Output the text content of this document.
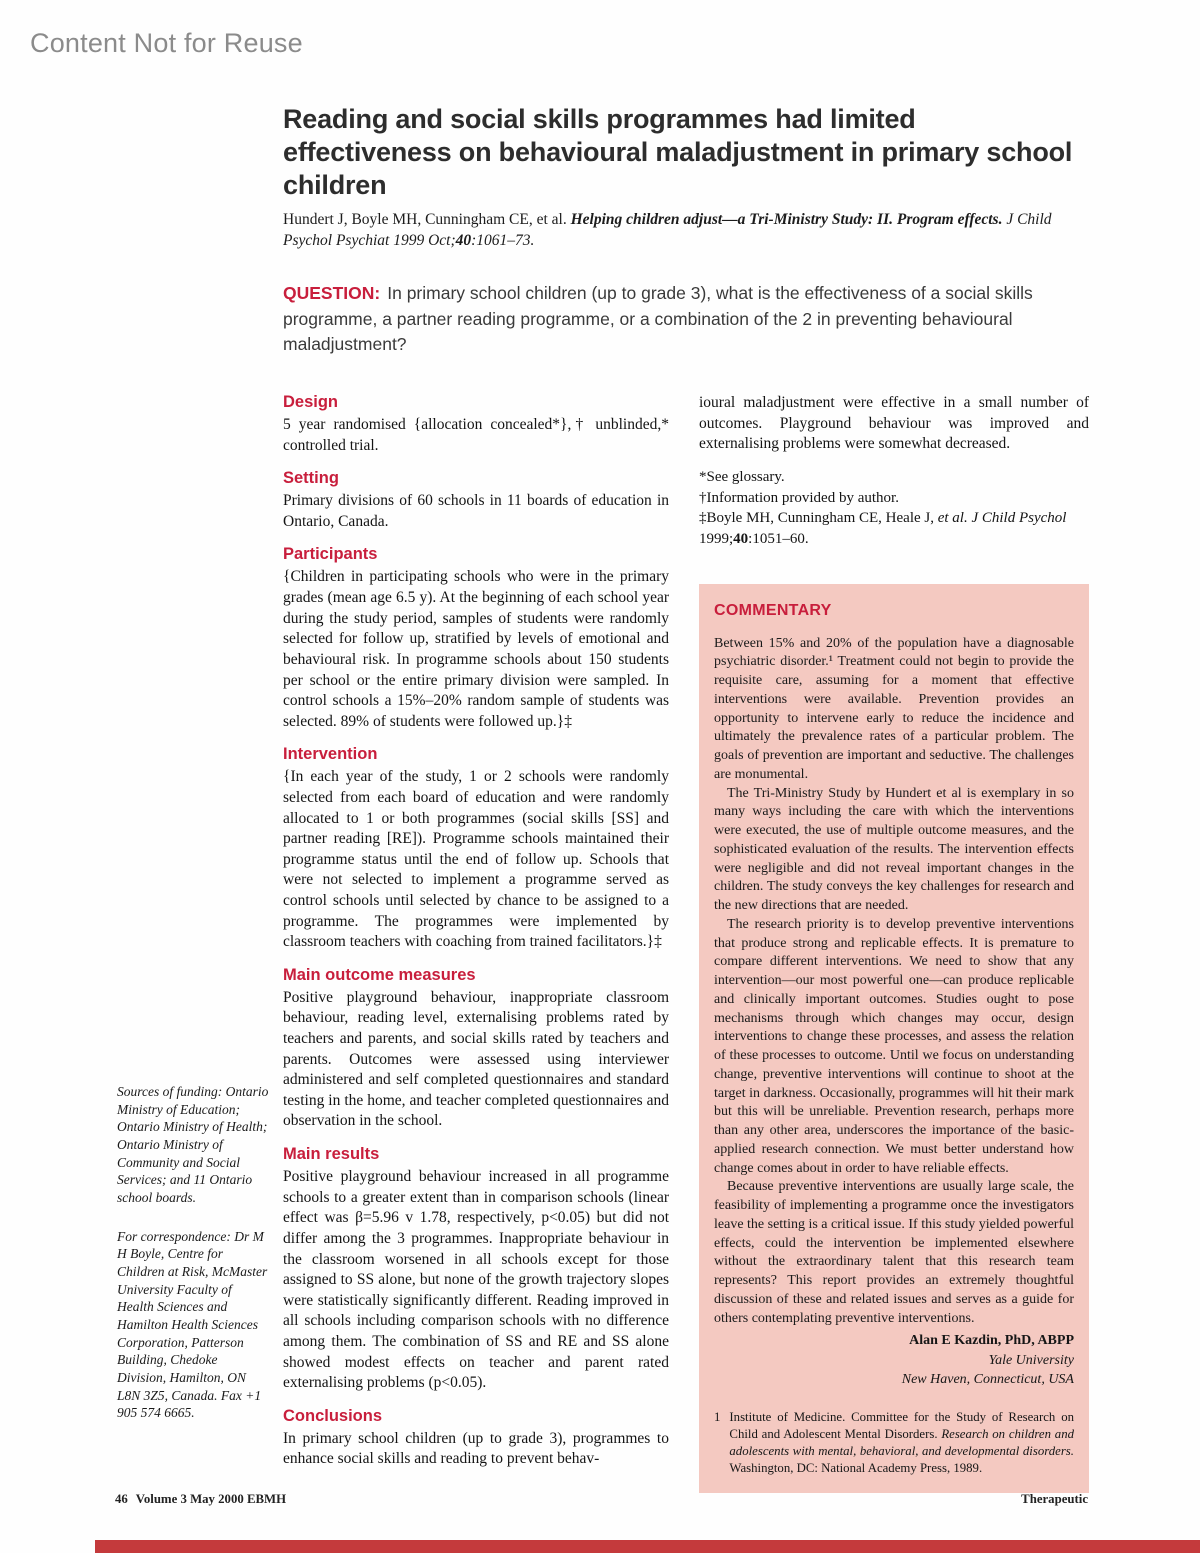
Content Not for Reuse
Reading and social skills programmes had limited effectiveness on behavioural maladjustment in primary school children

Hundert J, Boyle MH, Cunningham CE, et al. Helping children adjust—a Tri-Ministry Study: II. Program effects. J Child Psychol Psychiat 1999 Oct;40:1061–73.

QUESTION: In primary school children (up to grade 3), what is the effectiveness of a social skills programme, a partner reading programme, or a combination of the 2 in preventing behavioural maladjustment?

Design

5 year randomised {allocation concealed*},† unblinded,* controlled trial.

Setting

Primary divisions of 60 schools in 11 boards of education in Ontario, Canada.

Participants

{Children in participating schools who were in the primary grades (mean age 6.5 y). At the beginning of each school year during the study period, samples of students were randomly selected for follow up, stratified by levels of emotional and behavioural risk. In programme schools about 150 students per school or the entire primary division were sampled. In control schools a 15%–20% random sample of students was selected. 89% of students were followed up.}‡

Intervention

{In each year of the study, 1 or 2 schools were randomly selected from each board of education and were randomly allocated to 1 or both programmes (social skills [SS] and partner reading [RE]). Programme schools maintained their programme status until the end of follow up. Schools that were not selected to implement a programme served as control schools until selected by chance to be assigned to a programme. The programmes were implemented by classroom teachers with coaching from trained facilitators.}‡

Main outcome measures

Positive playground behaviour, inappropriate classroom behaviour, reading level, externalising problems rated by teachers and parents, and social skills rated by teachers and parents. Outcomes were assessed using interviewer administered and self completed questionnaires and standard testing in the home, and teacher completed questionnaires and observation in the school.

Main results

Positive playground behaviour increased in all programme schools to a greater extent than in comparison schools (linear effect was β=5.96 v 1.78, respectively, p<0.05) but did not differ among the 3 programmes. Inappropriate behaviour in the classroom worsened in all schools except for those assigned to SS alone, but none of the growth trajectory slopes were statistically significantly different. Reading improved in all schools including comparison schools with no difference among them. The combination of SS and RE and SS alone showed modest effects on teacher and parent rated externalising problems (p<0.05).

Conclusions

In primary school children (up to grade 3), programmes to enhance social skills and reading to prevent behav-

ioural maladjustment were effective in a small number of outcomes. Playground behaviour was improved and externalising problems were somewhat decreased.

*See glossary.

†Information provided by author.

‡Boyle MH, Cunningham CE, Heale J, et al. J Child Psychol 1999;40:1051–60.

COMMENTARY

Between 15% and 20% of the population have a diagnosable psychiatric disorder.¹ Treatment could not begin to provide the requisite care, assuming for a moment that effective interventions were available. Prevention provides an opportunity to intervene early to reduce the incidence and ultimately the prevalence rates of a particular problem. The goals of prevention are important and seductive. The challenges are monumental.

The Tri-Ministry Study by Hundert et al is exemplary in so many ways including the care with which the interventions were executed, the use of multiple outcome measures, and the sophisticated evaluation of the results. The intervention effects were negligible and did not reveal important changes in the children. The study conveys the key challenges for research and the new directions that are needed.

The research priority is to develop preventive interventions that produce strong and replicable effects. It is premature to compare different interventions. We need to show that any intervention—our most powerful one—can produce replicable and clinically important outcomes. Studies ought to pose mechanisms through which changes may occur, design interventions to change these processes, and assess the relation of these processes to outcome. Until we focus on understanding change, preventive interventions will continue to shoot at the target in darkness. Occasionally, programmes will hit their mark but this will be unreliable. Prevention research, perhaps more than any other area, underscores the importance of the basic-applied research connection. We must better understand how change comes about in order to have reliable effects.

Because preventive interventions are usually large scale, the feasibility of implementing a programme once the investigators leave the setting is a critical issue. If this study yielded powerful effects, could the intervention be implemented elsewhere without the extraordinary talent that this research team represents? This report provides an extremely thoughtful discussion of these and related issues and serves as a guide for others contemplating preventive interventions.

Alan E Kazdin, PhD, ABPP
Yale University
New Haven, Connecticut, USA
1 Institute of Medicine. Committee for the Study of Research on Child and Adolescent Mental Disorders. Research on children and adolescents with mental, behavioral, and developmental disorders. Washington, DC: National Academy Press, 1989.

Sources of funding: Ontario Ministry of Education; Ontario Ministry of Health; Ontario Ministry of Community and Social Services; and 11 Ontario school boards.

For correspondence: Dr M H Boyle, Centre for Children at Risk, McMaster University Faculty of Health Sciences and Hamilton Health Sciences Corporation, Patterson Building, Chedoke Division, Hamilton, ON L8N 3Z5, Canada. Fax +1 905 574 6665.

46 Volume 3 May 2000 EBMH	Therapeutic
